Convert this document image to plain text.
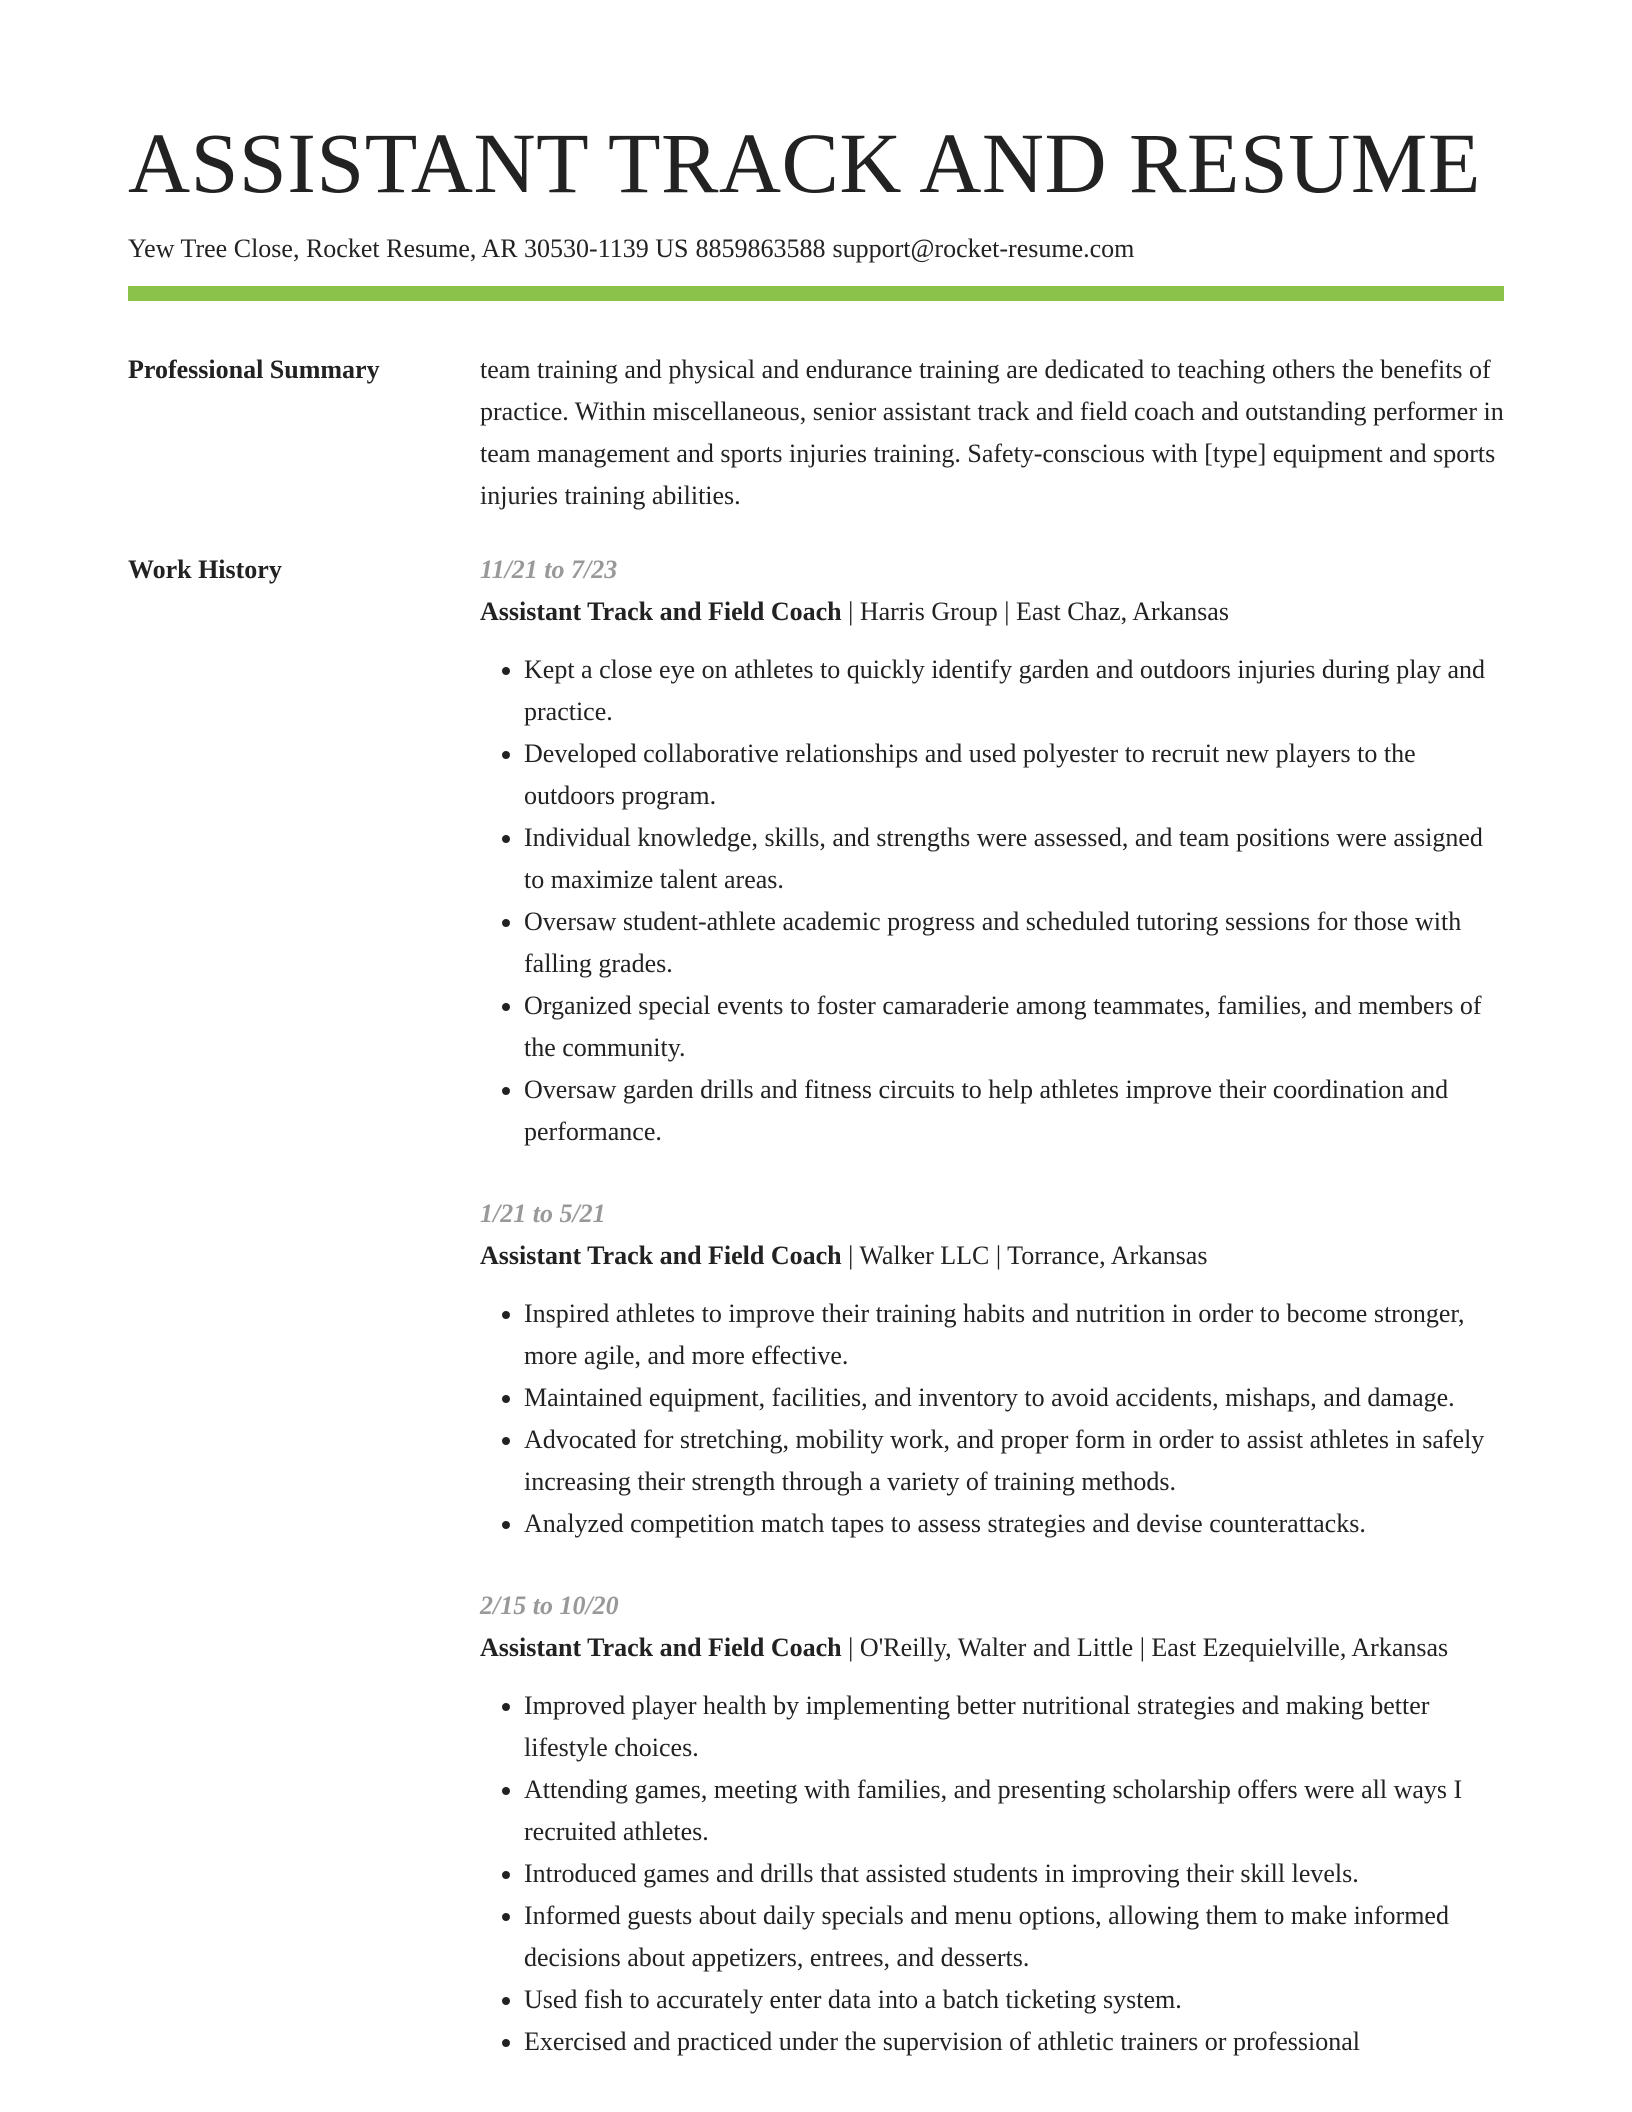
ASSISTANT TRACK AND RESUME
Yew Tree Close, Rocket Resume, AR 30530-1139 US 8859863588 support@rocket-resume.com
Professional Summary	team training and physical and endurance training are dedicated to teaching others the benefits of practice. Within miscellaneous, senior assistant track and field coach and outstanding performer in team management and sports injuries training. Safety-conscious with [type] equipment and sports injuries training abilities.

Work History	11/21 to 7/23
Assistant Track and Field Coach | Harris Group | East Chaz, Arkansas
• Kept a close eye on athletes to quickly identify garden and outdoors injuries during play and practice.
• Developed collaborative relationships and used polyester to recruit new players to the outdoors program.
• Individual knowledge, skills, and strengths were assessed, and team positions were assigned to maximize talent areas.
• Oversaw student-athlete academic progress and scheduled tutoring sessions for those with falling grades.
• Organized special events to foster camaraderie among teammates, families, and members of the community.
• Oversaw garden drills and fitness circuits to help athletes improve their coordination and performance.
1/21 to 5/21
Assistant Track and Field Coach | Walker LLC | Torrance, Arkansas
• Inspired athletes to improve their training habits and nutrition in order to become stronger, more agile, and more effective.
• Maintained equipment, facilities, and inventory to avoid accidents, mishaps, and damage.
• Advocated for stretching, mobility work, and proper form in order to assist athletes in safely increasing their strength through a variety of training methods.
• Analyzed competition match tapes to assess strategies and devise counterattacks.
2/15 to 10/20
Assistant Track and Field Coach | O'Reilly, Walter and Little | East Ezequielville, Arkansas
• Improved player health by implementing better nutritional strategies and making better lifestyle choices.
• Attending games, meeting with families, and presenting scholarship offers were all ways I recruited athletes.
• Introduced games and drills that assisted students in improving their skill levels.
• Informed guests about daily specials and menu options, allowing them to make informed decisions about appetizers, entrees, and desserts.
• Used fish to accurately enter data into a batch ticketing system.
• Exercised and practiced under the supervision of athletic trainers or professional
